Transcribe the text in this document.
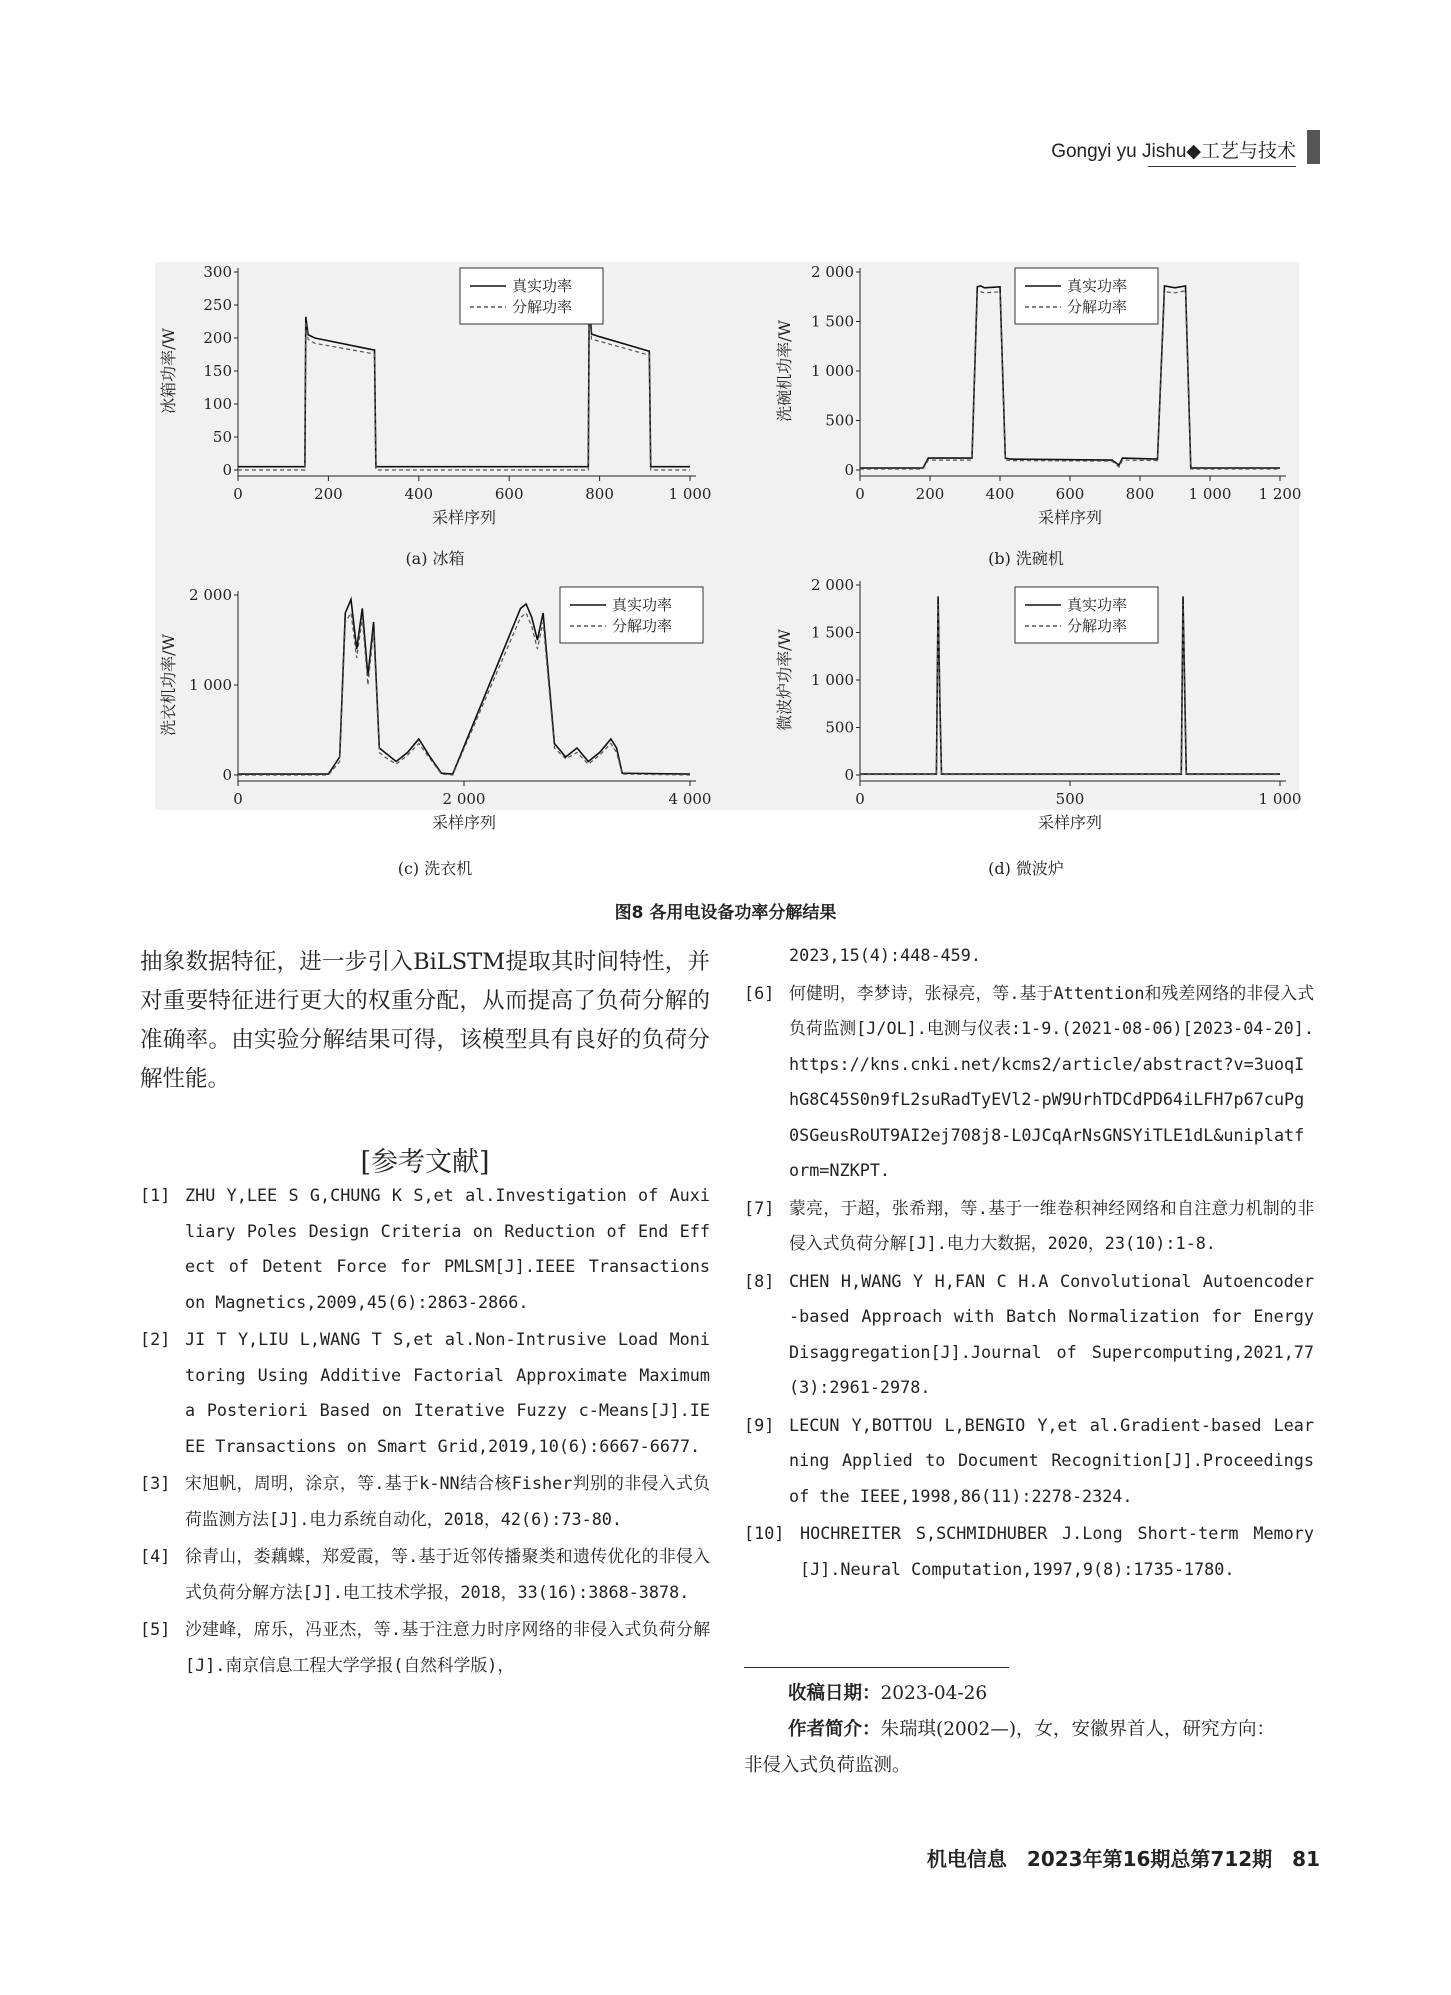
Gongyi yu Jishu◆工艺与技术
0
50
100
150
200
250
300
0	200	400	600	800	1 000
采样序列
冰箱功率/W
真实功率
分解功率
0
500
1 000
1 500
2 000
0	200	400	600	800 1 000 1 200
采样序列
洗碗机功率/W
真实功率
分解功率
0
1 000
2 000
0	2 000	4 000
采样序列
洗衣机功率/W
真实功率
分解功率
0
500
1 000
1 500
2 000
0	500	1 000
采样序列
微波炉功率/W
真实功率
分解功率
(a) 冰箱	(b) 洗碗机
(c) 洗衣机	(d) 微波炉
图8 各用电设备功率分解结果

抽象数据特征，进一步引入BiLSTM提取其时间特性，并对重要特征进行更大的权重分配，从而提高了负荷分解的准确率。由实验分解结果可得，该模型具有良好的负荷分解性能。

[参考文献]
[1] ZHU Y,LEE S G,CHUNG K S,et al.Investigation of Auxiliary Poles Design Criteria on Reduction of End Effect of Detent Force for PMLSM[J].IEEE Transactions on Magnetics,2009,45(6):2863-2866.
[2] JI T Y,LIU L,WANG T S,et al.Non-Intrusive Load Monitoring Using Additive Factorial Approximate Maximum a Posteriori Based on Iterative Fuzzy c-Means[J].IEEE Transactions on Smart Grid,2019,10(6):6667-6677.
[3] 宋旭帆，周明，涂京，等.基于k-NN结合核Fisher判别的非侵入式负荷监测方法[J].电力系统自动化，2018，42(6):73-80.
[4] 徐青山，娄藕蝶，郑爱霞，等.基于近邻传播聚类和遗传优化的非侵入式负荷分解方法[J].电工技术学报，2018，33(16):3868-3878.
[5] 沙建峰，席乐，冯亚杰，等.基于注意力时序网络的非侵入式负荷分解[J].南京信息工程大学学报(自然科学版)，
2023,15(4):448-459.
[6] 何健明，李梦诗，张禄亮，等.基于Attention和残差网络的非侵入式负荷监测[J/OL].电测与仪表:1-9.(2021-08-06)[2023-04-20].https://kns.cnki.net/kcms2/article/abstract?v=3uoqIhG8C45S0n9fL2suRadTyEVl2-pW9UrhTDCdPD64iLFH7p67cuPg0SGeusRoUT9AI2ej708j8-L0JCqArNsGNSYiTLE1dL&uniplatform=NZKPT.
[7] 蒙亮，于超，张希翔，等.基于一维卷积神经网络和自注意力机制的非侵入式负荷分解[J].电力大数据，2020，23(10):1-8.
[8] CHEN H,WANG Y H,FAN C H.A Convolutional Autoencoder-based Approach with Batch Normalization for Energy Disaggregation[J].Journal of Supercomputing,2021,77(3):2961-2978.
[9] LECUN Y,BOTTOU L,BENGIO Y,et al.Gradient-based Learning Applied to Document Recognition[J].Proceedings of the IEEE,1998,86(11):2278-2324.
[10] HOCHREITER S,SCHMIDHUBER J.Long Short-term Memory[J].Neural Computation,1997,9(8):1735-1780.

收稿日期：2023-04-26

作者简介：朱瑞琪(2002—)，女，安徽界首人，研究方向：

非侵入式负荷监测。

机电信息　2023年第16期总第712期　81
